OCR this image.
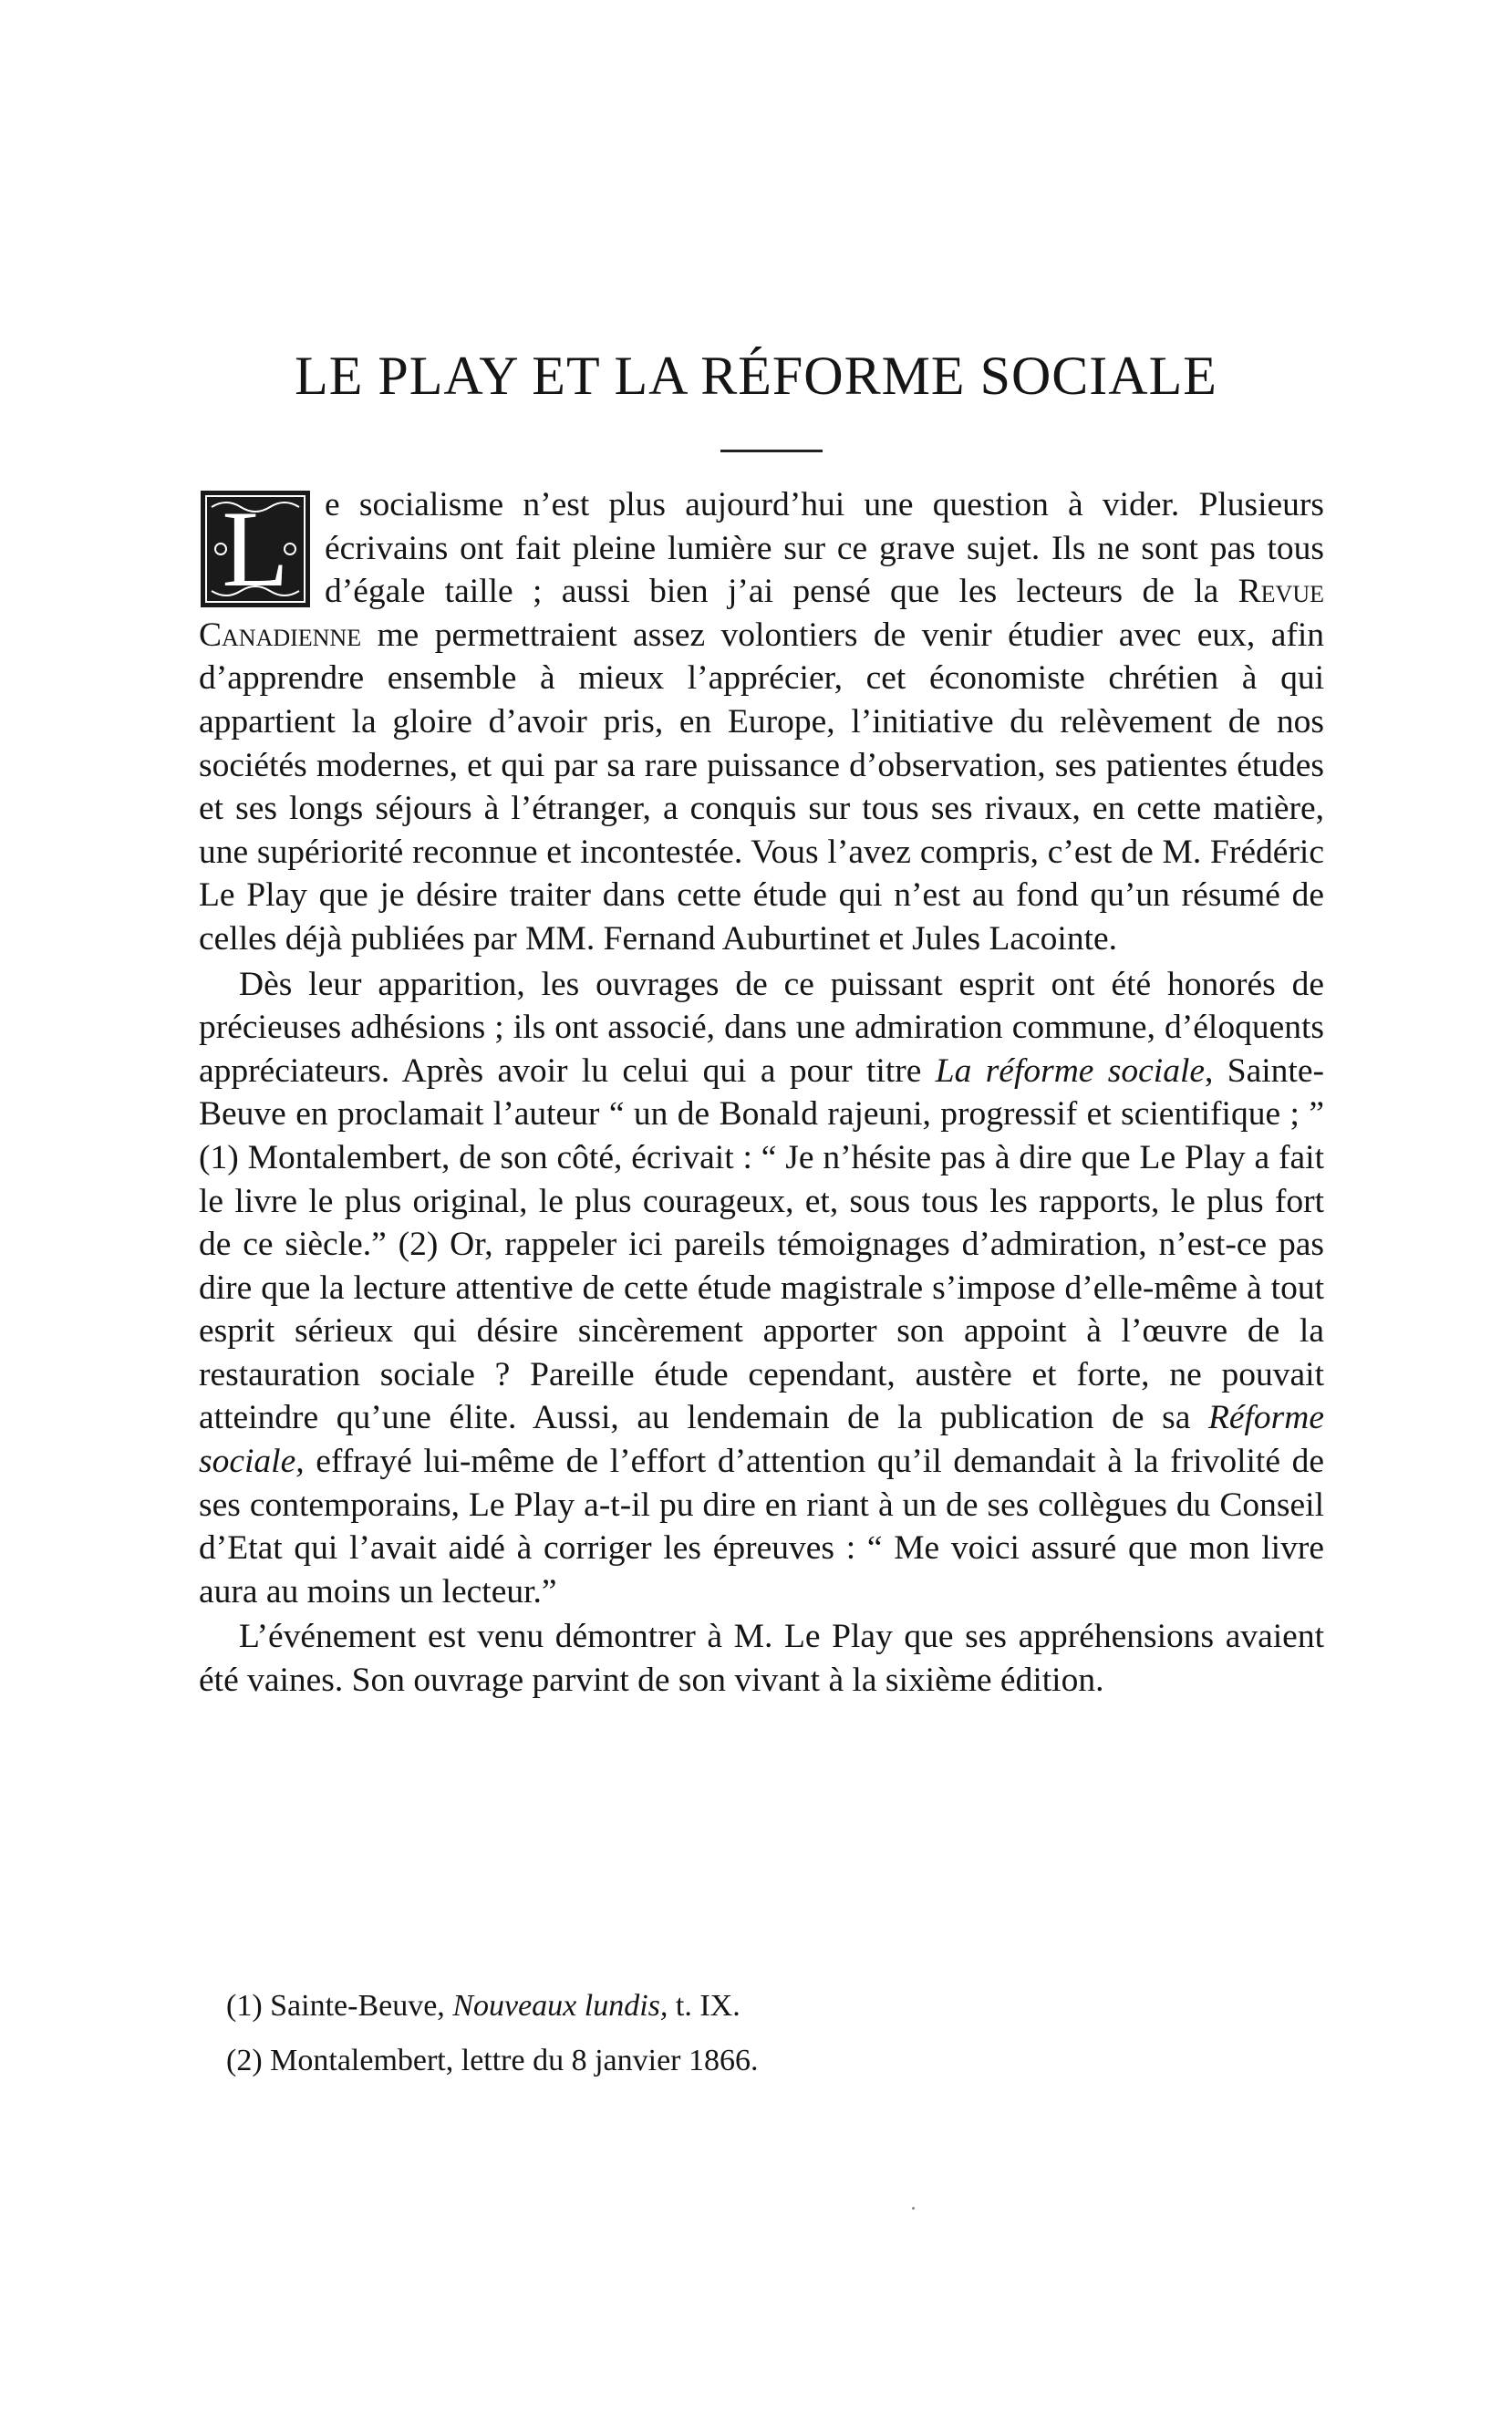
LE PLAY ET LA RÉFORME SOCIALE

L	e socialisme n’est plus aujourd’hui une question à vider. Plusieurs écrivains ont fait pleine lumière sur ce grave sujet. Ils ne sont pas tous d’égale taille ; aussi bien j’ai pensé que les lecteurs de la Revue Canadienne me permettraient assez volontiers de venir étudier avec eux, afin d’apprendre ensemble à mieux l’apprécier, cet économiste chrétien à qui appartient la gloire d’avoir pris, en Europe, l’initiative du relèvement de nos sociétés modernes, et qui par sa rare puissance d’observation, ses patientes études et ses longs séjours à l’étranger, a conquis sur tous ses rivaux, en cette matière, une supériorité reconnue et incontestée. Vous l’avez compris, c’est de M. Frédéric Le Play que je désire traiter dans cette étude qui n’est au fond qu’un résumé de celles déjà publiées par MM. Fernand Auburtinet et Jules Lacointe.

Dès leur apparition, les ouvrages de ce puissant esprit ont été honorés de précieuses adhésions ; ils ont associé, dans une admiration commune, d’éloquents appréciateurs. Après avoir lu celui qui a pour titre La réforme sociale, Sainte-Beuve en proclamait l’auteur “ un de Bonald rajeuni, progressif et scientifique ; ” (1) Montalembert, de son côté, écrivait : “ Je n’hésite pas à dire que Le Play a fait le livre le plus original, le plus courageux, et, sous tous les rapports, le plus fort de ce siècle.” (2) Or, rappeler ici pareils témoignages d’admiration, n’est-ce pas dire que la lecture attentive de cette étude magistrale s’impose d’elle-même à tout esprit sérieux qui désire sincèrement apporter son appoint à l’œuvre de la restauration sociale ? Pareille étude cependant, austère et forte, ne pouvait atteindre qu’une élite. Aussi, au lendemain de la publication de sa Réforme sociale, effrayé lui-même de l’effort d’attention qu’il demandait à la frivolité de ses contemporains, Le Play a-t-il pu dire en riant à un de ses collègues du Conseil d’Etat qui l’avait aidé à corriger les épreuves : “ Me voici assuré que mon livre aura au moins un lecteur.”

L’événement est venu démontrer à M. Le Play que ses appréhensions avaient été vaines. Son ouvrage parvint de son vivant à la sixième édition.

(1) Sainte-Beuve, Nouveaux lundis, t. IX.

(2) Montalembert, lettre du 8 janvier 1866.
